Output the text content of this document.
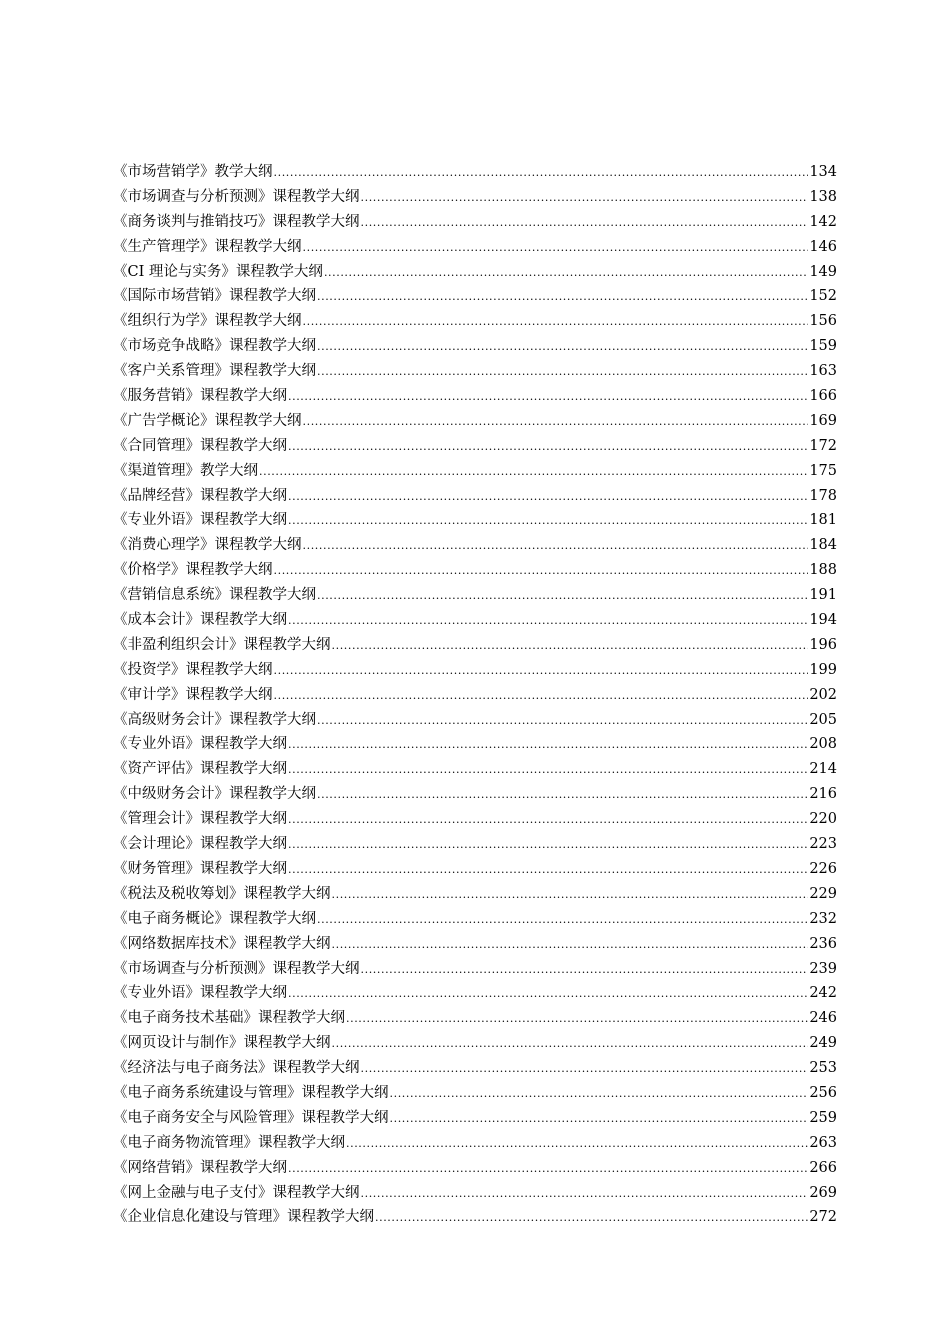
《市场营销学》教学大纲 .....	134
《市场调查与分析预测》课程教学大纲 .....	138
《商务谈判与推销技巧》课程教学大纲 .....	142
《生产管理学》课程教学大纲 .....	146
《CI 理论与实务》课程教学大纲 .....	149
《国际市场营销》课程教学大纲 .....	152
《组织行为学》课程教学大纲 .....	156
《市场竞争战略》课程教学大纲 .....	159
《客户关系管理》课程教学大纲 .....	163
《服务营销》课程教学大纲 .....	166
《广告学概论》课程教学大纲 .....	169
《合同管理》课程教学大纲 .....	172
《渠道管理》教学大纲 .....	175
《品牌经营》课程教学大纲 .....	178
《专业外语》课程教学大纲 .....	181
《消费心理学》课程教学大纲 .....	184
《价格学》课程教学大纲 .....	188
《营销信息系统》课程教学大纲 .....	191
《成本会计》课程教学大纲 .....	194
《非盈利组织会计》课程教学大纲 .....	196
《投资学》课程教学大纲 .....	199
《审计学》课程教学大纲 .....	202
《高级财务会计》课程教学大纲 .....	205
《专业外语》课程教学大纲 .....	208
《资产评估》课程教学大纲 .....	214
《中级财务会计》课程教学大纲 .....	216
《管理会计》课程教学大纲 .....	220
《会计理论》课程教学大纲 .....	223
《财务管理》课程教学大纲 .....	226
《税法及税收筹划》课程教学大纲 .....	229
《电子商务概论》课程教学大纲 .....	232
《网络数据库技术》课程教学大纲 .....	236
《市场调查与分析预测》课程教学大纲 .....	239
《专业外语》课程教学大纲 .....	242
《电子商务技术基础》课程教学大纲 .....	246
《网页设计与制作》课程教学大纲 .....	249
《经济法与电子商务法》课程教学大纲 .....	253
《电子商务系统建设与管理》课程教学大纲 .....	256
《电子商务安全与风险管理》课程教学大纲 .....	259
《电子商务物流管理》课程教学大纲 .....	263
《网络营销》课程教学大纲 .....	266
《网上金融与电子支付》课程教学大纲 .....	269
《企业信息化建设与管理》课程教学大纲 .....	272
